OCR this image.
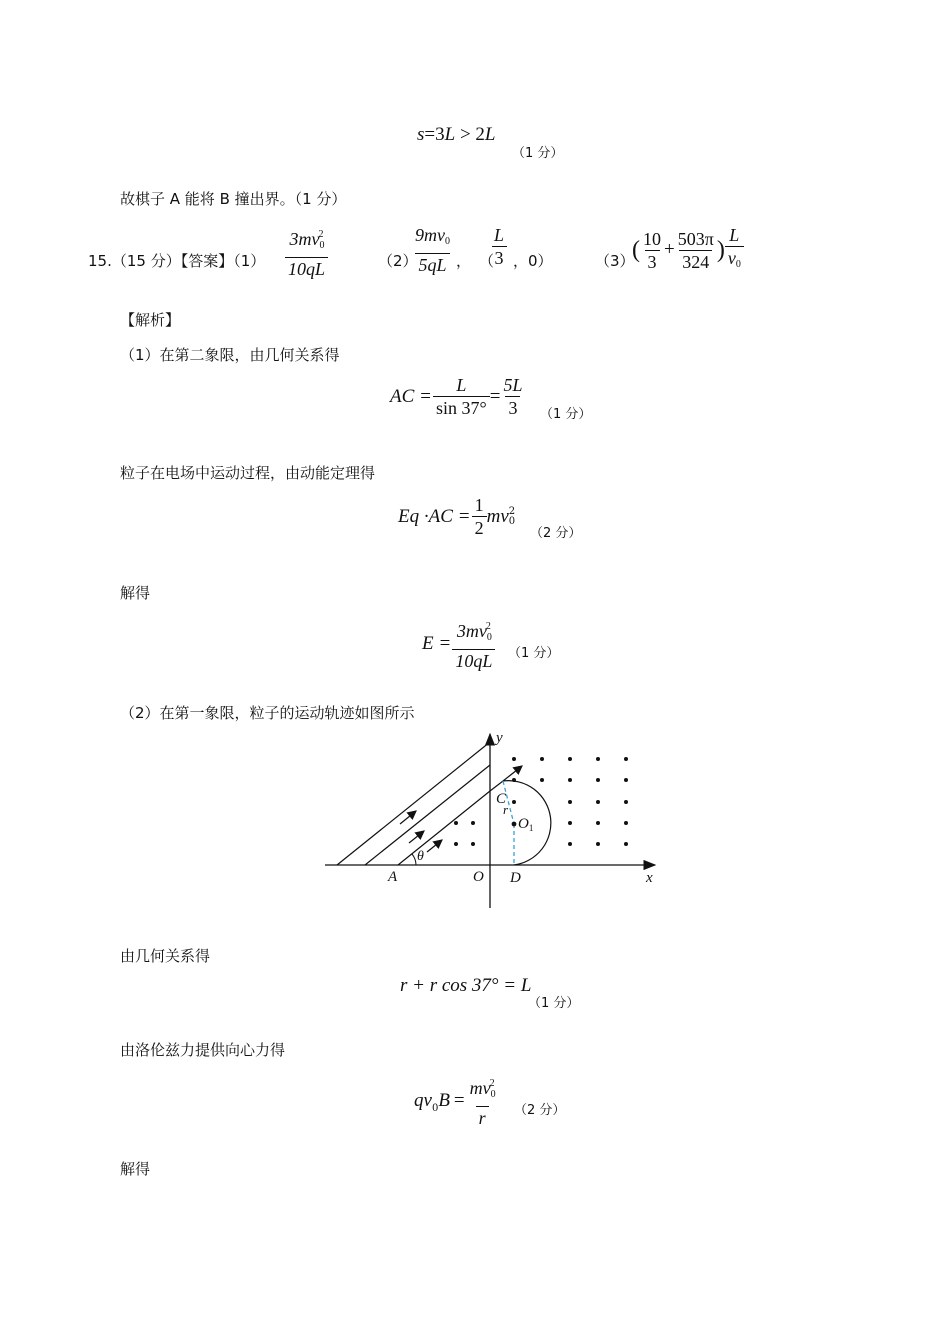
s=3L > 2L
（1 分）
故棋子 A 能将 B 撞出界。（1 分）
15.（15 分）【答案】$(1) \frac{3mv_0^2}{10qL}$	（2）
$\frac{9mv_0}{5qL}$ ， （
$\frac{L}{3}$ ，0）	（3）
( $\frac{10}{3} + \frac{503\pi}{324}$ ) $\frac{L}{v_0}$
【解析】
（1）在第二象限，由几何关系得
AC = $\frac{L}{\sin 37^\circ} = \frac{5L}{3} (1$ 分）
粒子在电场中运动过程，由动能定理得
$Eq \cdot AC = \frac{1}{2}$ mv 2
0
（2 分）
解得
$E = \frac{3mv_0^2}{10qL} (1$ 分）
（2）在第一象限，粒子的运动轨迹如图所示
y
x
A	O D
C
r
$O_1$
θ
由几何关系得
r + r cos 37° = L
（1 分）
由洛伦兹力提供向心力得
$qv_0$ $B = \frac{mv_0^2}{r} (2$ 分）
解得
